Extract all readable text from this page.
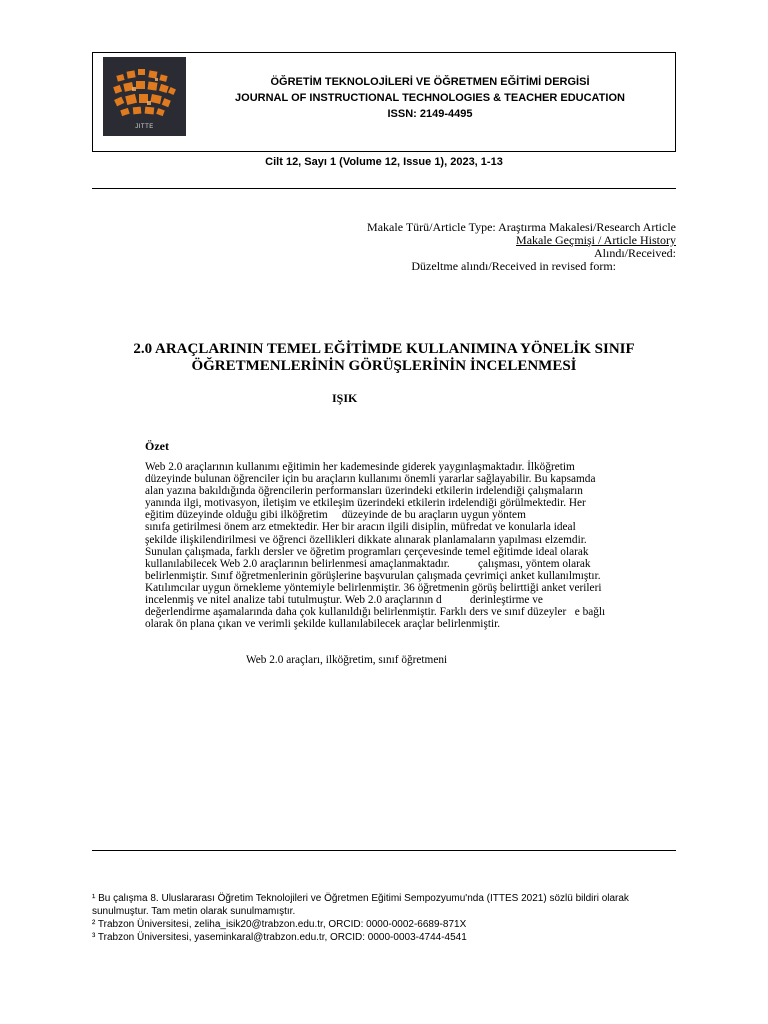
JITTE
ÖĞRETİM TEKNOLOJİLERİ VE ÖĞRETMEN EĞİTİMİ DERGİSİ
JOURNAL OF INSTRUCTIONAL TECHNOLOGIES & TEACHER EDUCATION
ISSN: 2149-4495
Cilt 12, Sayı 1 (Volume 12, Issue 1), 2023, 1-13
Makale Türü/Article Type: Araştırma Makalesi/Research Article
Makale Geçmişi / Article History
Alındı/Received:
Düzeltme alındı/Received in revised form:
2.0 ARAÇLARININ TEMEL EĞİTİMDE KULLANIMINA YÖNELİK SINIF
ÖĞRETMENLERİNİN GÖRÜŞLERİNİN İNCELENMESİ
IŞIK
Özet

Web 2.0 araçlarının kullanımı eğitimin her kademesinde giderek yaygınlaşmaktadır. İlköğretim

düzeyinde bulunan öğrenciler için bu araçların kullanımı önemli yararlar sağlayabilir. Bu kapsamda

alan yazına bakıldığında öğrencilerin performansları üzerindeki etkilerin irdelendiği çalışmaların

yanında ilgi, motivasyon, iletişim ve etkileşim üzerindeki etkilerin irdelendiği görülmektedir. Her

eğitim düzeyinde olduğu gibi ilköğretim     düzeyinde de bu araçların uygun yöntem

sınıfa getirilmesi önem arz etmektedir. Her bir aracın ilgili disiplin, müfredat ve konularla ideal

şekilde ilişkilendirilmesi ve öğrenci özellikleri dikkate alınarak planlamaların yapılması elzemdir.

Sunulan çalışmada, farklı dersler ve öğretim programları çerçevesinde temel eğitimde ideal olarak

kullanılabilecek Web 2.0 araçlarının belirlenmesi amaçlanmaktadır.          çalışması, yöntem olarak

belirlenmiştir. Sınıf öğretmenlerinin görüşlerine başvurulan çalışmada çevrimiçi anket kullanılmıştır.

Katılımcılar uygun örnekleme yöntemiyle belirlenmiştir. 36 öğretmenin görüş belirttiği anket verileri

incelenmiş ve nitel analize tabi tutulmuştur. Web 2.0 araçlarının d          derinleştirme ve

değerlendirme aşamalarında daha çok kullanıldığı belirlenmiştir. Farklı ders ve sınıf düzeyler   e bağlı

olarak ön plana çıkan ve verimli şekilde kullanılabilecek araçlar belirlenmiştir.

Web 2.0 araçları, ilköğretim, sınıf öğretmeni
¹ Bu çalışma 8. Uluslararası Öğretim Teknolojileri ve Öğretmen Eğitimi Sempozyumu'nda (ITTES 2021) sözlü bildiri olarak
sunulmuştur. Tam metin olarak sunulmamıştır.
² Trabzon Üniversitesi, zeliha_isik20@trabzon.edu.tr, ORCID: 0000-0002-6689-871X
³ Trabzon Üniversitesi, yaseminkaral@trabzon.edu.tr, ORCID: 0000-0003-4744-4541
